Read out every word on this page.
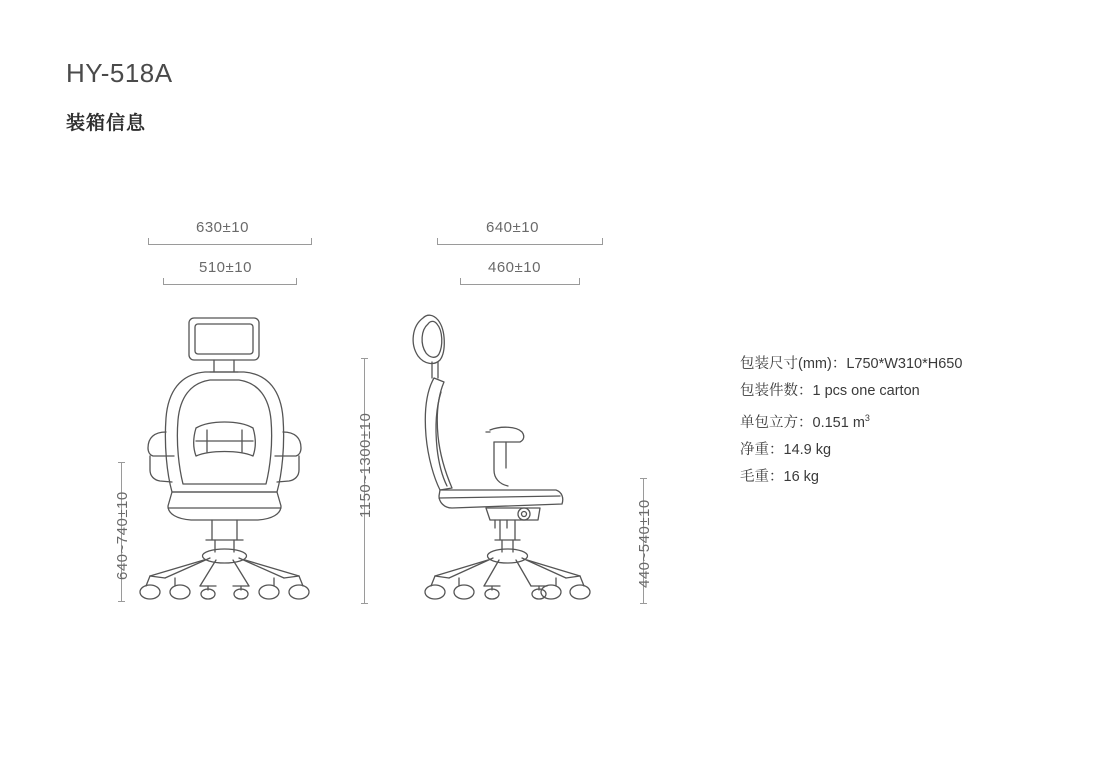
HY-518A
装箱信息
630±10
510±10
640~740±10
1150~1300±10
640±10
460±10
440~540±10
包装尺寸(mm)：L750*W310*H650
包装件数：1 pcs one carton
单包立方：0.151 $m^3$
净重：14.9 kg
毛重：16 kg
